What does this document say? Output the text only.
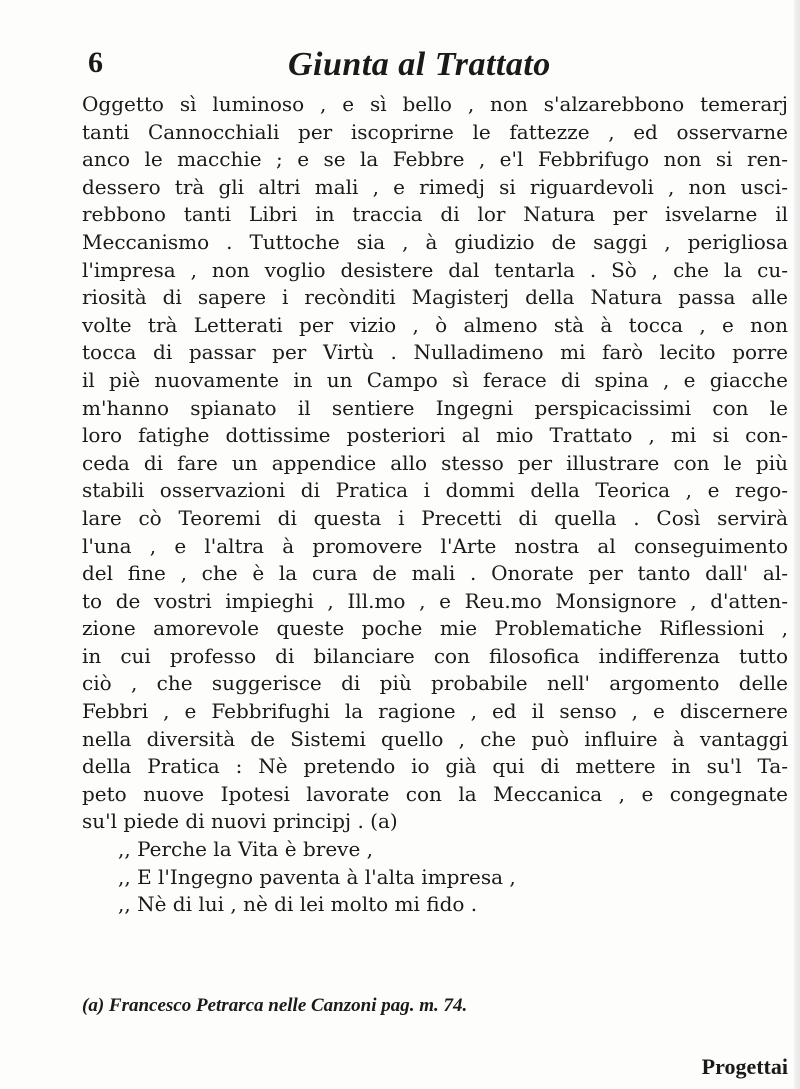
6	Giunta al Trattato
Oggetto sì luminoso , e sì bello , non s'alzarebbono temerarj
tanti Cannocchiali per iscoprirne le fattezze , ed osservarne
anco le macchie ; e se la Febbre , e'l Febbrifugo non si ren-
dessero trà gli altri mali , e rimedj si riguardevoli , non usci-
rebbono tanti Libri in traccia di lor Natura per isvelarne il
Meccanismo . Tuttoche sia , à giudizio de saggi , perigliosa
l'impresa , non voglio desistere dal tentarla . Sò , che la cu-
riosità di sapere i recònditi Magisterj della Natura passa alle
volte trà Letterati per vizio , ò almeno stà à tocca , e non
tocca di passar per Virtù . Nulladimeno mi farò lecito porre
il piè nuovamente in un Campo sì ferace di spina , e giacche
m'hanno spianato il sentiere Ingegni perspicacissimi con le
loro fatighe dottissime posteriori al mio Trattato , mi si con-
ceda di fare un appendice allo stesso per illustrare con le più
stabili osservazioni di Pratica i dommi della Teorica , e rego-
lare cò Teoremi di questa i Precetti di quella . Così servirà
l'una , e l'altra à promovere l'Arte nostra al conseguimento
del fine , che è la cura de mali . Onorate per tanto dall' al-
to de vostri impieghi , Ill.mo , e Reu.mo Monsignore , d'atten-
zione amorevole queste poche mie Problematiche Riflessioni ,
in cui professo di bilanciare con filosofica indifferenza tutto
ciò , che suggerisce di più probabile nell' argomento delle
Febbri , e Febbrifughi la ragione , ed il senso , e discernere
nella diversità de Sistemi quello , che può influire à vantaggi
della Pratica : Nè pretendo io già qui di mettere in su'l Ta-
peto nuove Ipotesi lavorate con la Meccanica , e congegnate
su'l piede di nuovi principj . (a)
,, Perche la Vita è breve ,
,, E l'Ingegno paventa à l'alta impresa ,
,, Nè di lui , nè di lei molto mi fido .
Progettai
(a) Francesco Petrarca nelle Canzoni pag. m. 74.
